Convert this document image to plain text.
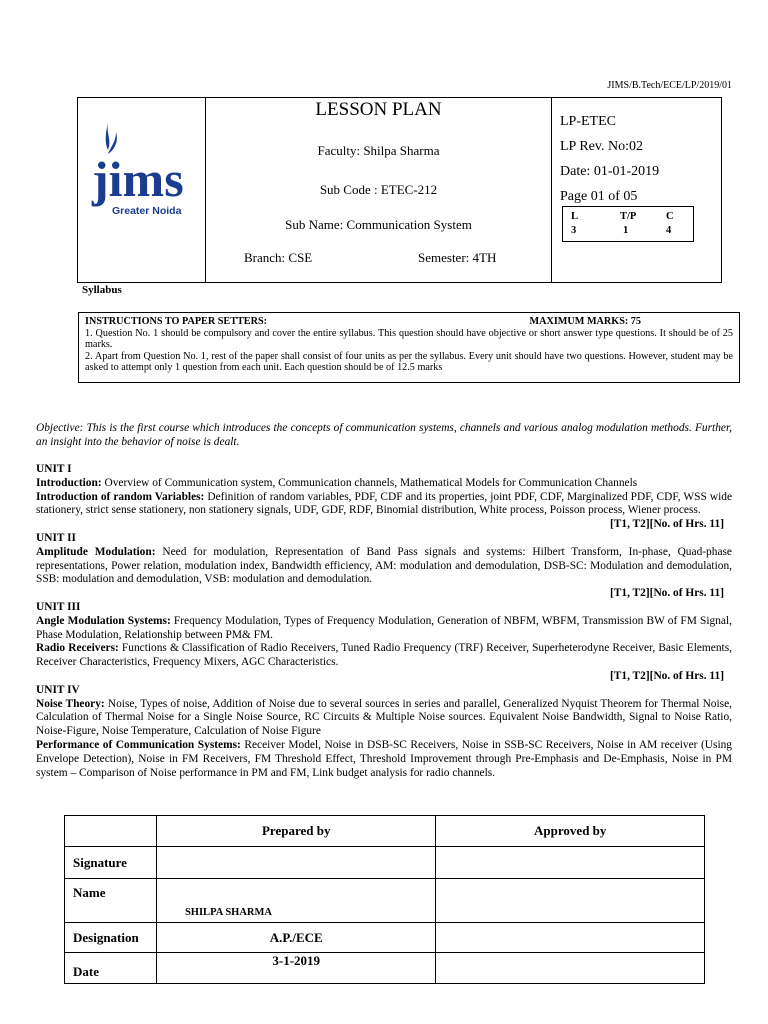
JIMS/B.Tech/ECE/LP/2019/01
jims
Greater Noida
LESSON PLAN
Faculty: Shilpa Sharma
Sub Code : ETEC-212
Sub Name: Communication System
Branch: CSE	Semester: 4TH
LP-ETEC
LP Rev. No:02
Date: 01-01-2019
Page 01 of 05
L	T/P	C
3	1	4
Syllabus
INSTRUCTIONS TO PAPER SETTERS:	MAXIMUM MARKS: 75
1. Question No. 1 should be compulsory and cover the entire syllabus. This question should have objective or short answer type questions. It should be of 25 marks.
2. Apart from Question No. 1, rest of the paper shall consist of four units as per the syllabus. Every unit should have two questions. However, student may be asked to attempt only 1 question from each unit. Each question should be of 12.5 marks
Objective: This is the first course which introduces the concepts of communication systems, channels and various analog modulation methods. Further, an insight into the behavior of noise is dealt.
UNIT I
Introduction: Overview of Communication system, Communication channels, Mathematical Models for Communication Channels
Introduction of random Variables: Definition of random variables, PDF, CDF and its properties, joint PDF, CDF, Marginalized PDF, CDF, WSS wide stationery, strict sense stationery, non stationery signals, UDF, GDF, RDF, Binomial distribution, White process, Poisson process, Wiener process.
[T1, T2][No. of Hrs. 11]
UNIT II
Amplitude Modulation: Need for modulation, Representation of Band Pass signals and systems: Hilbert Transform, In-phase, Quad-phase representations, Power relation, modulation index, Bandwidth efficiency, AM: modulation and demodulation, DSB-SC: Modulation and demodulation, SSB: modulation and demodulation, VSB: modulation and demodulation.
[T1, T2][No. of Hrs. 11]
UNIT III
Angle Modulation Systems: Frequency Modulation, Types of Frequency Modulation, Generation of NBFM, WBFM, Transmission BW of FM Signal, Phase Modulation, Relationship between PM& FM.
Radio Receivers: Functions & Classification of Radio Receivers, Tuned Radio Frequency (TRF) Receiver, Superheterodyne Receiver, Basic Elements, Receiver Characteristics, Frequency Mixers, AGC Characteristics.
[T1, T2][No. of Hrs. 11]
UNIT IV
Noise Theory: Noise, Types of noise, Addition of Noise due to several sources in series and parallel, Generalized Nyquist Theorem for Thermal Noise, Calculation of Thermal Noise for a Single Noise Source, RC Circuits & Multiple Noise sources. Equivalent Noise Bandwidth, Signal to Noise Ratio, Noise-Figure, Noise Temperature, Calculation of Noise Figure
Performance of Communication Systems: Receiver Model, Noise in DSB-SC Receivers, Noise in SSB-SC Receivers, Noise in AM receiver (Using Envelope Detection), Noise in FM Receivers, FM Threshold Effect, Threshold Improvement through Pre-Emphasis and De-Emphasis, Noise in PM system – Comparison of Noise performance in PM and FM, Link budget analysis for radio channels.
	Prepared by	Approved by
Signature		
Name	SHILPA SHARMA	
Designation	A.P./ECE	
Date	3-1-2019	
